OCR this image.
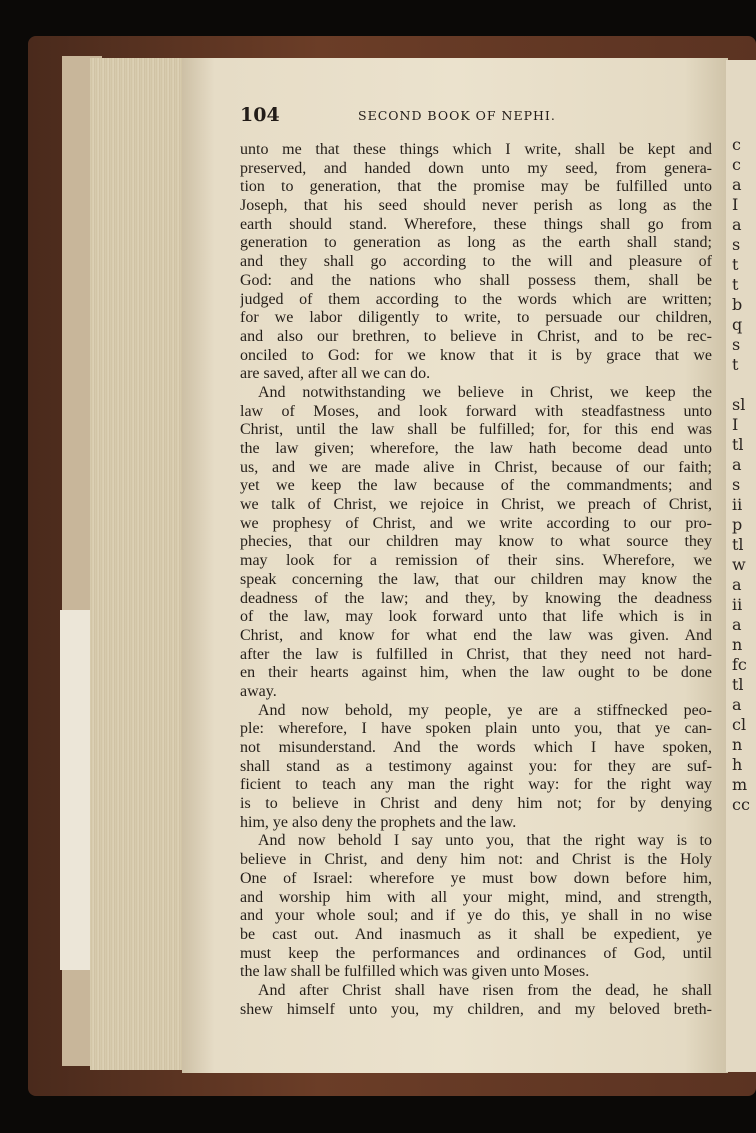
c
c
a
I
a
s
t
t
b
q
s
t

sl
I
tl
a
s
ii
p
tl
w
a
ii
a
n
fc
tl
a
cl
n
h
m
cc
104	SECOND BOOK OF NEPHI.
unto me that these things which I write, shall be kept and
preserved, and handed down unto my seed, from genera-
tion to generation, that the promise may be fulfilled unto
Joseph, that his seed should never perish as long as the
earth should stand. Wherefore, these things shall go from
generation to generation as long as the earth shall stand;
and they shall go according to the will and pleasure of
God: and the nations who shall possess them, shall be
judged of them according to the words which are written;
for we labor diligently to write, to persuade our children,
and also our brethren, to believe in Christ, and to be rec-
onciled to God: for we know that it is by grace that we
are saved, after all we can do.
And notwithstanding we believe in Christ, we keep the
law of Moses, and look forward with steadfastness unto
Christ, until the law shall be fulfilled; for, for this end was
the law given; wherefore, the law hath become dead unto
us, and we are made alive in Christ, because of our faith;
yet we keep the law because of the commandments; and
we talk of Christ, we rejoice in Christ, we preach of Christ,
we prophesy of Christ, and we write according to our pro-
phecies, that our children may know to what source they
may look for a remission of their sins. Wherefore, we
speak concerning the law, that our children may know the
deadness of the law; and they, by knowing the deadness
of the law, may look forward unto that life which is in
Christ, and know for what end the law was given. And
after the law is fulfilled in Christ, that they need not hard-
en their hearts against him, when the law ought to be done
away.
And now behold, my people, ye are a stiffnecked peo-
ple: wherefore, I have spoken plain unto you, that ye can-
not misunderstand. And the words which I have spoken,
shall stand as a testimony against you: for they are suf-
ficient to teach any man the right way: for the right way
is to believe in Christ and deny him not; for by denying
him, ye also deny the prophets and the law.
And now behold I say unto you, that the right way is to
believe in Christ, and deny him not: and Christ is the Holy
One of Israel: wherefore ye must bow down before him,
and worship him with all your might, mind, and strength,
and your whole soul; and if ye do this, ye shall in no wise
be cast out. And inasmuch as it shall be expedient, ye
must keep the performances and ordinances of God, until
the law shall be fulfilled which was given unto Moses.
And after Christ shall have risen from the dead, he shall
shew himself unto you, my children, and my beloved breth-
